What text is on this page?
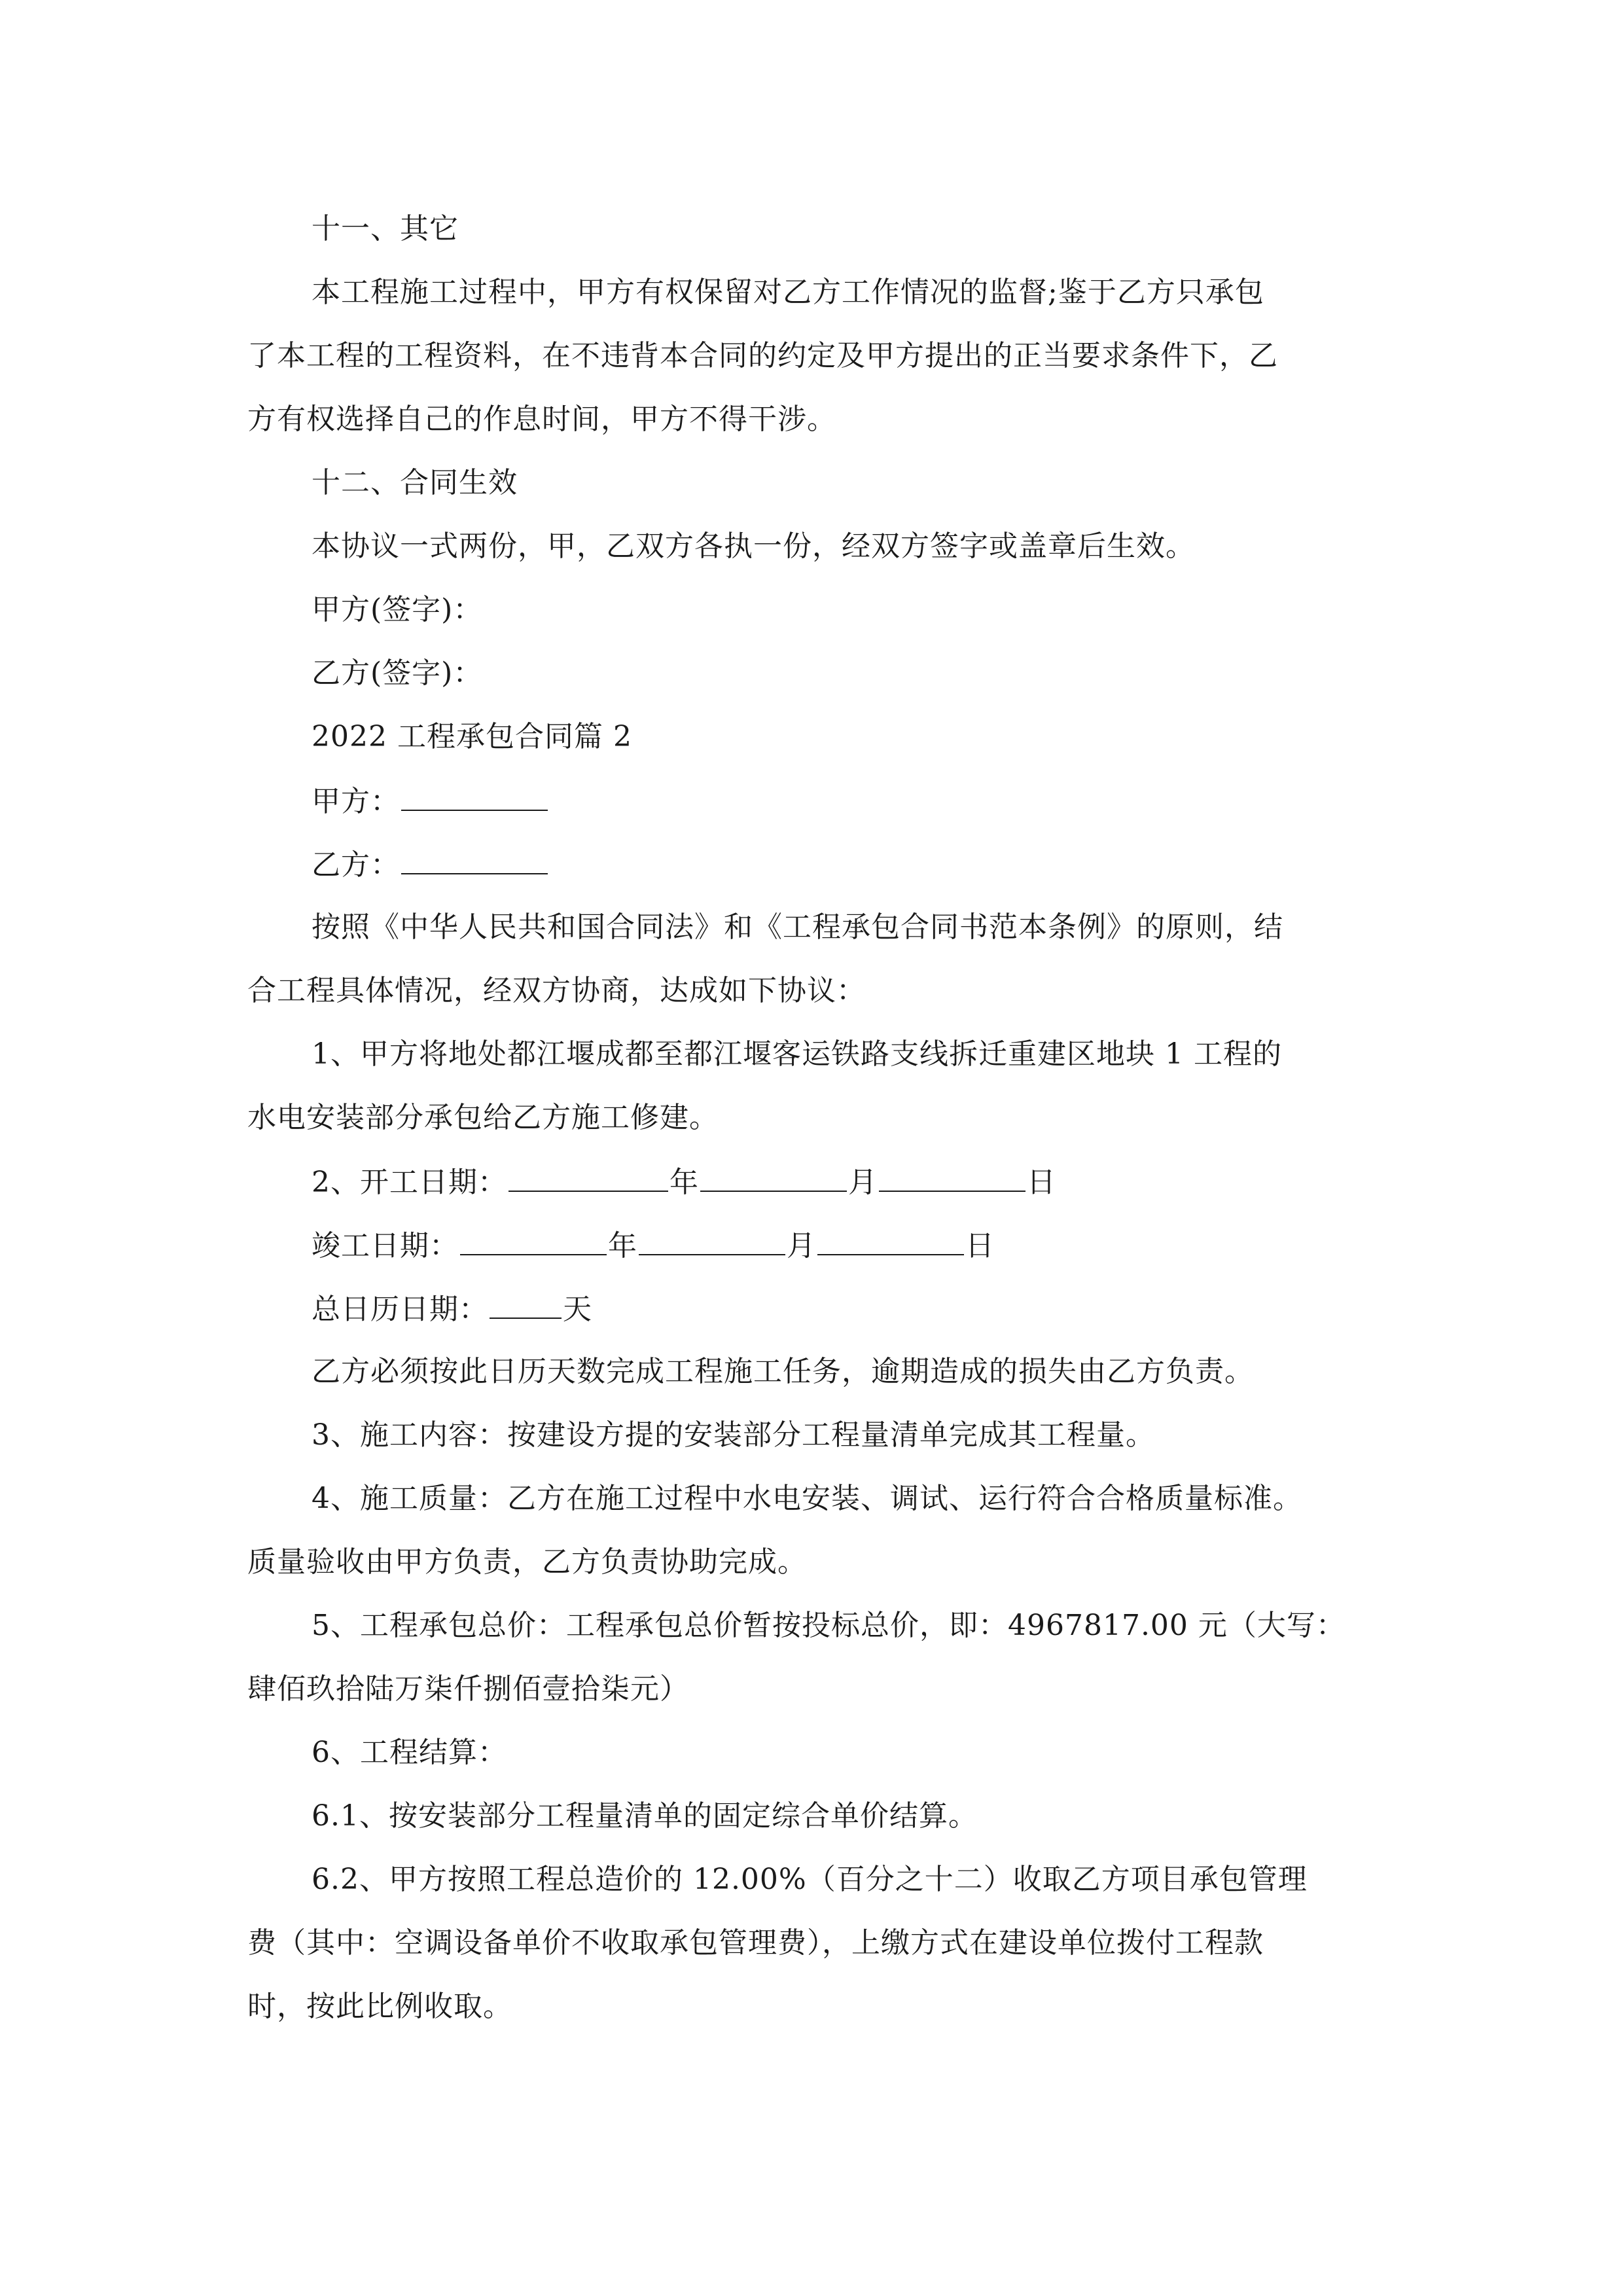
十一、其它
本工程施工过程中，甲方有权保留对乙方工作情况的监督;鉴于乙方只承包
了本工程的工程资料，在不违背本合同的约定及甲方提出的正当要求条件下，乙
方有权选择自己的作息时间，甲方不得干涉。
十二、合同生效
本协议一式两份，甲，乙双方各执一份，经双方签字或盖章后生效。
甲方(签字)：
乙方(签字)：
2022 工程承包合同篇 2
甲方：
乙方：
按照《中华人民共和国合同法》和《工程承包合同书范本条例》的原则，结
合工程具体情况，经双方协商，达成如下协议：
1、甲方将地处都江堰成都至都江堰客运铁路支线拆迁重建区地块 1 工程的
水电安装部分承包给乙方施工修建。
2、开工日期：	年	月	日
竣工日期：	年	月	日
总日历日期：	天
乙方必须按此日历天数完成工程施工任务，逾期造成的损失由乙方负责。
3、施工内容：按建设方提的安装部分工程量清单完成其工程量。
4、施工质量：乙方在施工过程中水电安装、调试、运行符合合格质量标准。
质量验收由甲方负责，乙方负责协助完成。
5、工程承包总价：工程承包总价暂按投标总价，即：4967817.00 元（大写：
肆佰玖拾陆万柒仟捌佰壹拾柒元）
6、工程结算：
6.1、按安装部分工程量清单的固定综合单价结算。
6.2、甲方按照工程总造价的 12.00%（百分之十二）收取乙方项目承包管理
费（其中：空调设备单价不收取承包管理费），上缴方式在建设单位拨付工程款
时，按此比例收取。
